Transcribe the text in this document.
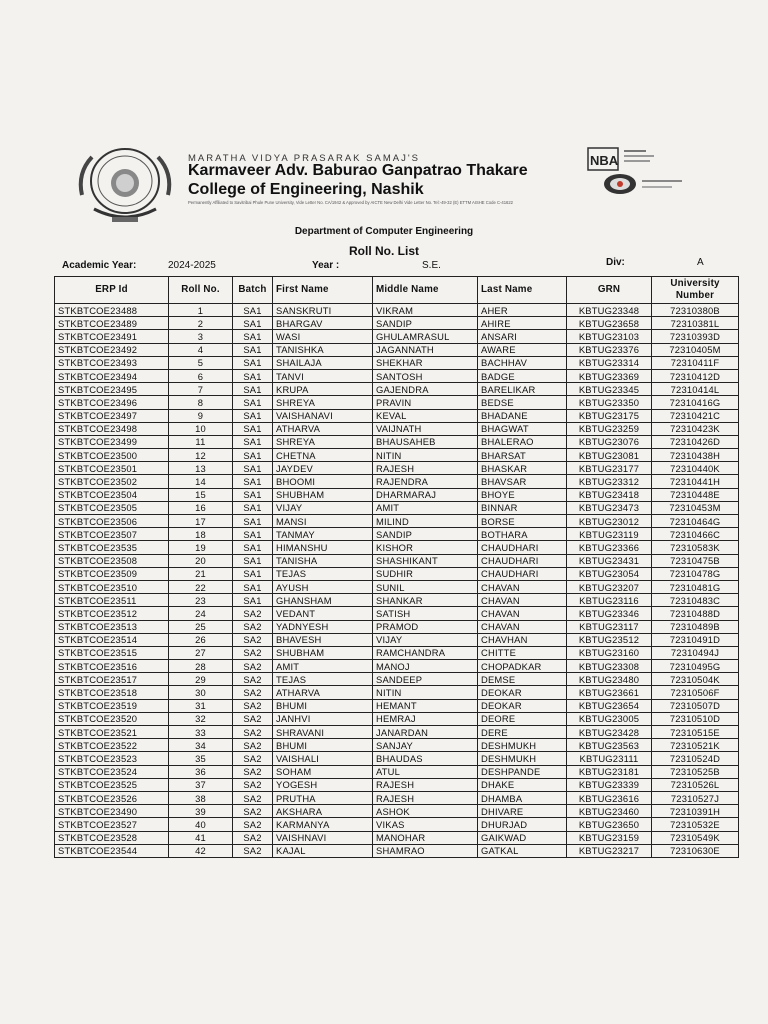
MARATHA VIDYA PRASARAK SAMAJ'S
Karmaveer Adv. Baburao Ganpatrao Thakare
College of Engineering, Nashik
Permanently Affiliated to Savitribai Phule Pune University, Vide Letter No. CA/1942 & Approved by AICTE New Delhi Vide Letter No. Tel:-49-32 (E) ETTM AISHE Code C-41622
NBA
Department of Computer Engineering
Roll No. List
Academic Year:	2024-2025	Year :	S.E.	Div:	A
ERP Id	Roll No.	Batch	First Name	Middle Name	Last Name	GRN	University Number
STKBTCOE23488	1	SA1	SANSKRUTI	VIKRAM	AHER	KBTUG23348	72310380B
STKBTCOE23489	2	SA1	BHARGAV	SANDIP	AHIRE	KBTUG23658	72310381L
STKBTCOE23491	3	SA1	WASI	GHULAMRASUL	ANSARI	KBTUG23103	72310393D
STKBTCOE23492	4	SA1	TANISHKA	JAGANNATH	AWARE	KBTUG23376	72310405M
STKBTCOE23493	5	SA1	SHAILAJA	SHEKHAR	BACHHAV	KBTUG23314	72310411F
STKBTCOE23494	6	SA1	TANVI	SANTOSH	BADGE	KBTUG23369	72310412D
STKBTCOE23495	7	SA1	KRUPA	GAJENDRA	BARELIKAR	KBTUG23345	72310414L
STKBTCOE23496	8	SA1	SHREYA	PRAVIN	BEDSE	KBTUG23350	72310416G
STKBTCOE23497	9	SA1	VAISHANAVI	KEVAL	BHADANE	KBTUG23175	72310421C
STKBTCOE23498	10	SA1	ATHARVA	VAIJNATH	BHAGWAT	KBTUG23259	72310423K
STKBTCOE23499	11	SA1	SHREYA	BHAUSAHEB	BHALERAO	KBTUG23076	72310426D
STKBTCOE23500	12	SA1	CHETNA	NITIN	BHARSAT	KBTUG23081	72310438H
STKBTCOE23501	13	SA1	JAYDEV	RAJESH	BHASKAR	KBTUG23177	72310440K
STKBTCOE23502	14	SA1	BHOOMI	RAJENDRA	BHAVSAR	KBTUG23312	72310441H
STKBTCOE23504	15	SA1	SHUBHAM	DHARMARAJ	BHOYE	KBTUG23418	72310448E
STKBTCOE23505	16	SA1	VIJAY	AMIT	BINNAR	KBTUG23473	72310453M
STKBTCOE23506	17	SA1	MANSI	MILIND	BORSE	KBTUG23012	72310464G
STKBTCOE23507	18	SA1	TANMAY	SANDIP	BOTHARA	KBTUG23119	72310466C
STKBTCOE23535	19	SA1	HIMANSHU	KISHOR	CHAUDHARI	KBTUG23366	72310583K
STKBTCOE23508	20	SA1	TANISHA	SHASHIKANT	CHAUDHARI	KBTUG23431	72310475B
STKBTCOE23509	21	SA1	TEJAS	SUDHIR	CHAUDHARI	KBTUG23054	72310478G
STKBTCOE23510	22	SA1	AYUSH	SUNIL	CHAVAN	KBTUG23207	72310481G
STKBTCOE23511	23	SA1	GHANSHAM	SHANKAR	CHAVAN	KBTUG23116	72310483C
STKBTCOE23512	24	SA2	VEDANT	SATISH	CHAVAN	KBTUG23346	72310488D
STKBTCOE23513	25	SA2	YADNYESH	PRAMOD	CHAVAN	KBTUG23117	72310489B
STKBTCOE23514	26	SA2	BHAVESH	VIJAY	CHAVHAN	KBTUG23512	72310491D
STKBTCOE23515	27	SA2	SHUBHAM	RAMCHANDRA	CHITTE	KBTUG23160	72310494J
STKBTCOE23516	28	SA2	AMIT	MANOJ	CHOPADKAR	KBTUG23308	72310495G
STKBTCOE23517	29	SA2	TEJAS	SANDEEP	DEMSE	KBTUG23480	72310504K
STKBTCOE23518	30	SA2	ATHARVA	NITIN	DEOKAR	KBTUG23661	72310506F
STKBTCOE23519	31	SA2	BHUMI	HEMANT	DEOKAR	KBTUG23654	72310507D
STKBTCOE23520	32	SA2	JANHVI	HEMRAJ	DEORE	KBTUG23005	72310510D
STKBTCOE23521	33	SA2	SHRAVANI	JANARDAN	DERE	KBTUG23428	72310515E
STKBTCOE23522	34	SA2	BHUMI	SANJAY	DESHMUKH	KBTUG23563	72310521K
STKBTCOE23523	35	SA2	VAISHALI	BHAUDAS	DESHMUKH	KBTUG23111	72310524D
STKBTCOE23524	36	SA2	SOHAM	ATUL	DESHPANDE	KBTUG23181	72310525B
STKBTCOE23525	37	SA2	YOGESH	RAJESH	DHAKE	KBTUG23339	72310526L
STKBTCOE23526	38	SA2	PRUTHA	RAJESH	DHAMBA	KBTUG23616	72310527J
STKBTCOE23490	39	SA2	AKSHARA	ASHOK	DHIVARE	KBTUG23460	72310391H
STKBTCOE23527	40	SA2	KARMANYA	VIKAS	DHURJAD	KBTUG23650	72310532E
STKBTCOE23528	41	SA2	VAISHNAVI	MANOHAR	GAIKWAD	KBTUG23159	72310549K
STKBTCOE23544	42	SA2	KAJAL	SHAMRAO	GATKAL	KBTUG23217	72310630E
